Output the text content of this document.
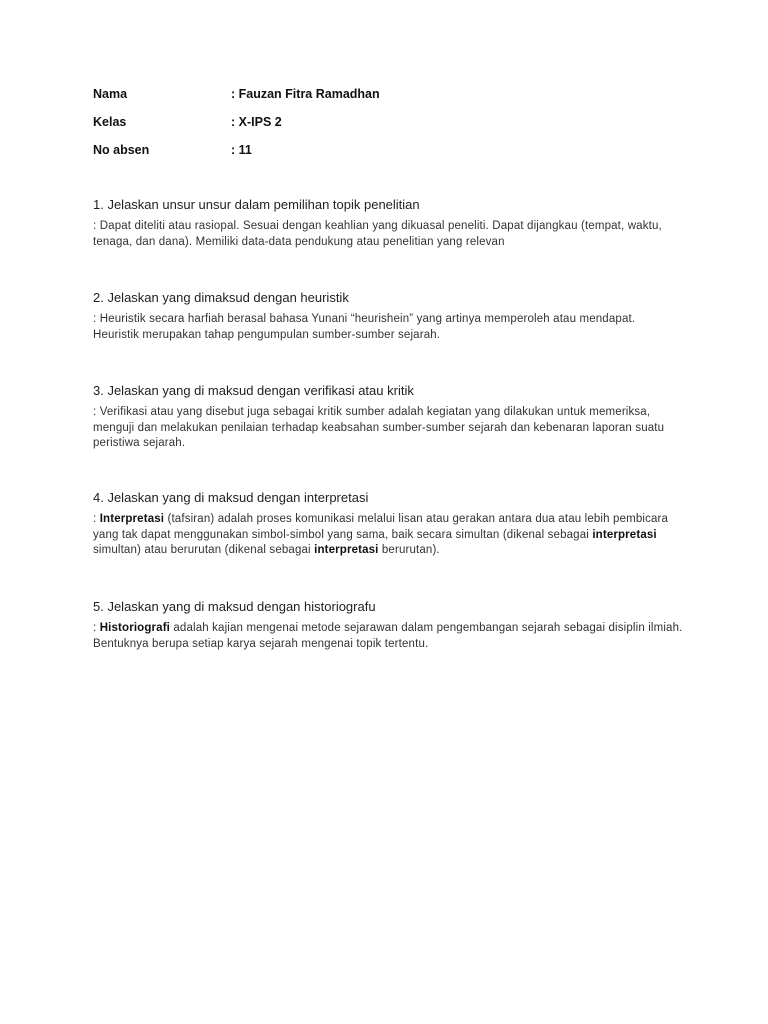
Nama	: Fauzan Fitra Ramadhan
Kelas	: X-IPS 2
No absen	: 11

1. Jelaskan unsur unsur dalam pemilihan topik penelitian

: Dapat diteliti atau rasiopal. Sesuai dengan keahlian yang dikuasal peneliti. Dapat dijangkau (tempat, waktu, tenaga, dan dana). Memiliki data-data pendukung atau penelitian yang relevan

2. Jelaskan yang dimaksud dengan heuristik

: Heuristik secara harfiah berasal bahasa Yunani “heurishein” yang artinya memperoleh atau mendapat. Heuristik merupakan tahap pengumpulan sumber-sumber sejarah.

3. Jelaskan yang di maksud dengan verifikasi atau kritik

: Verifikasi atau yang disebut juga sebagai kritik sumber adalah kegiatan yang dilakukan untuk memeriksa, menguji dan melakukan penilaian terhadap keabsahan sumber-sumber sejarah dan kebenaran laporan suatu peristiwa sejarah.

4. Jelaskan yang di maksud dengan interpretasi

: Interpretasi (tafsiran) adalah proses komunikasi melalui lisan atau gerakan antara dua atau lebih pembicara yang tak dapat menggunakan simbol-simbol yang sama, baik secara simultan (dikenal sebagai interpretasi simultan) atau berurutan (dikenal sebagai interpretasi berurutan).

5. Jelaskan yang di maksud dengan historiografu

: Historiografi adalah kajian mengenai metode sejarawan dalam pengembangan sejarah sebagai disiplin ilmiah. Bentuknya berupa setiap karya sejarah mengenai topik tertentu.
